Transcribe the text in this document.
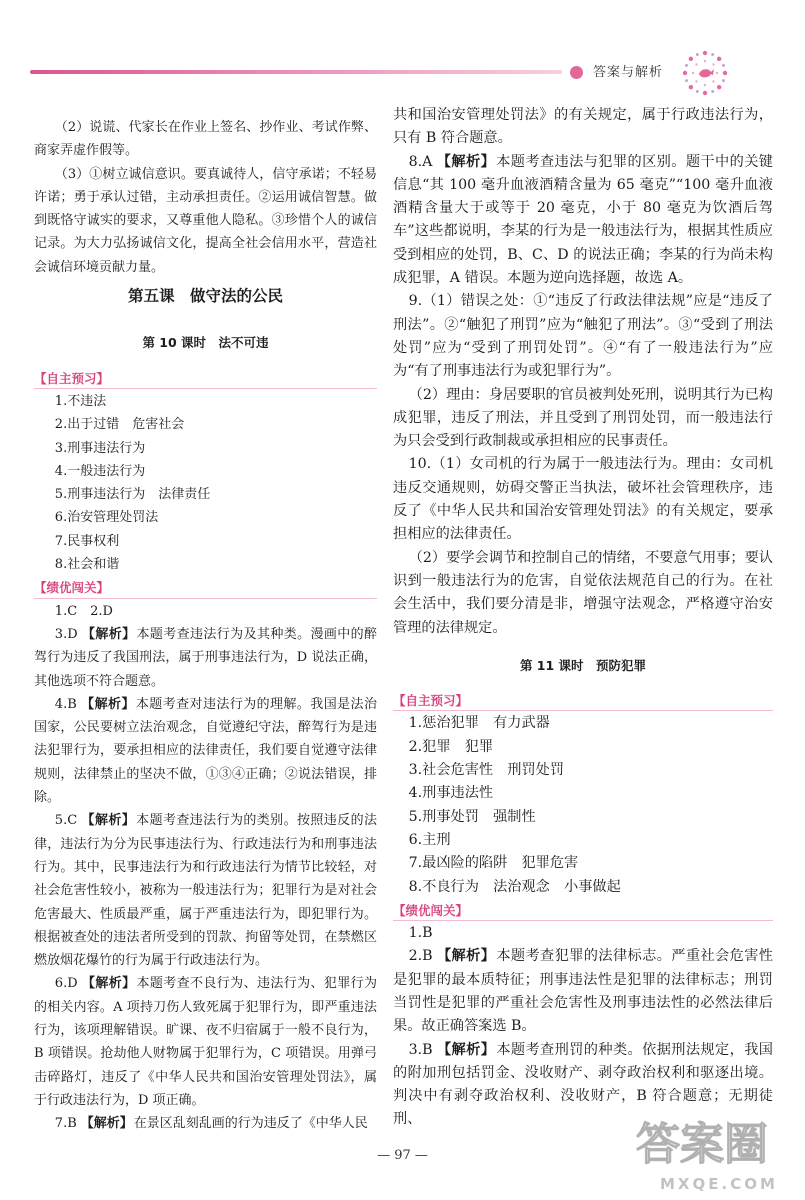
答案与解析

（2）说谎、代家长在作业上签名、抄作业、考试作弊、商家弄虚作假等。

（3）①树立诚信意识。要真诚待人，信守承诺；不轻易许诺；勇于承认过错，主动承担责任。②运用诚信智慧。做到既恪守诚实的要求，又尊重他人隐私。③珍惜个人的诚信记录。为大力弘扬诚信文化，提高全社会信用水平，营造社会诚信环境贡献力量。

第五课　做守法的公民
第 10 课时　法不可违
【自主预习】

1.不违法

2.出于过错　危害社会

3.刑事违法行为

4.一般违法行为

5.刑事违法行为　法律责任

6.治安管理处罚法

7.民事权利

8.社会和谐

【绩优闯关】

1.C　2.D

3.D 【解析】本题考查违法行为及其种类。漫画中的醉驾行为违反了我国刑法，属于刑事违法行为，D 说法正确，其他选项不符合题意。

4.B 【解析】本题考查对违法行为的理解。我国是法治国家，公民要树立法治观念，自觉遵纪守法，醉驾行为是违法犯罪行为，要承担相应的法律责任，我们要自觉遵守法律规则，法律禁止的坚决不做，①③④正确；②说法错误，排除。

5.C 【解析】本题考查违法行为的类别。按照违反的法律，违法行为分为民事违法行为、行政违法行为和刑事违法行为。其中，民事违法行为和行政违法行为情节比较轻，对社会危害性较小，被称为一般违法行为；犯罪行为是对社会危害最大、性质最严重，属于严重违法行为，即犯罪行为。根据被查处的违法者所受到的罚款、拘留等处罚，在禁燃区燃放烟花爆竹的行为属于行政违法行为。

6.D 【解析】本题考查不良行为、违法行为、犯罪行为的相关内容。A 项持刀伤人致死属于犯罪行为，即严重违法行为，该项理解错误。旷课、夜不归宿属于一般不良行为，B 项错误。抢劫他人财物属于犯罪行为，C 项错误。用弹弓击碎路灯，违反了《中华人民共和国治安管理处罚法》，属于行政违法行为，D 项正确。

7.B 【解析】在景区乱刻乱画的行为违反了《中华人民

共和国治安管理处罚法》的有关规定，属于行政违法行为，只有 B 符合题意。

8.A 【解析】本题考查违法与犯罪的区别。题干中的关键信息“其 100 毫升血液酒精含量为 65 毫克”“100 毫升血液酒精含量大于或等于 20 毫克，小于 80 毫克为饮酒后驾车”这些都说明，李某的行为是一般违法行为，根据其性质应受到相应的处罚，B、C、D 的说法正确；李某的行为尚未构成犯罪，A 错误。本题为逆向选择题，故选 A。

9.（1）错误之处：①“违反了行政法律法规”应是“违反了刑法”。②“触犯了刑罚”应为“触犯了刑法”。③“受到了刑法处罚”应为“受到了刑罚处罚”。④“有了一般违法行为”应为“有了刑事违法行为或犯罪行为”。

（2）理由：身居要职的官员被判处死刑，说明其行为已构成犯罪，违反了刑法，并且受到了刑罚处罚，而一般违法行为只会受到行政制裁或承担相应的民事责任。

10.（1）女司机的行为属于一般违法行为。理由：女司机违反交通规则，妨碍交警正当执法，破坏社会管理秩序，违反了《中华人民共和国治安管理处罚法》的有关规定，要承担相应的法律责任。

（2）要学会调节和控制自己的情绪，不要意气用事；要认识到一般违法行为的危害，自觉依法规范自己的行为。在社会生活中，我们要分清是非，增强守法观念，严格遵守治安管理的法律规定。

第 11 课时　预防犯罪
【自主预习】

1.惩治犯罪　有力武器

2.犯罪　犯罪

3.社会危害性　刑罚处罚

4.刑事违法性

5.刑事处罚　强制性

6.主刑

7.最凶险的陷阱　犯罪危害

8.不良行为　法治观念　小事做起

【绩优闯关】

1.B

2.B 【解析】本题考查犯罪的法律标志。严重社会危害性是犯罪的最本质特征；刑事违法性是犯罪的法律标志；刑罚当罚性是犯罪的严重社会危害性及刑事违法性的必然法律后果。故正确答案选 B。

3.B 【解析】本题考查刑罚的种类。依据刑法规定，我国的附加刑包括罚金、没收财产、剥夺政治权利和驱逐出境。判决中有剥夺政治权利、没收财产，B 符合题意；无期徒刑、

— 97 —	答案圈
MXQE.COM
